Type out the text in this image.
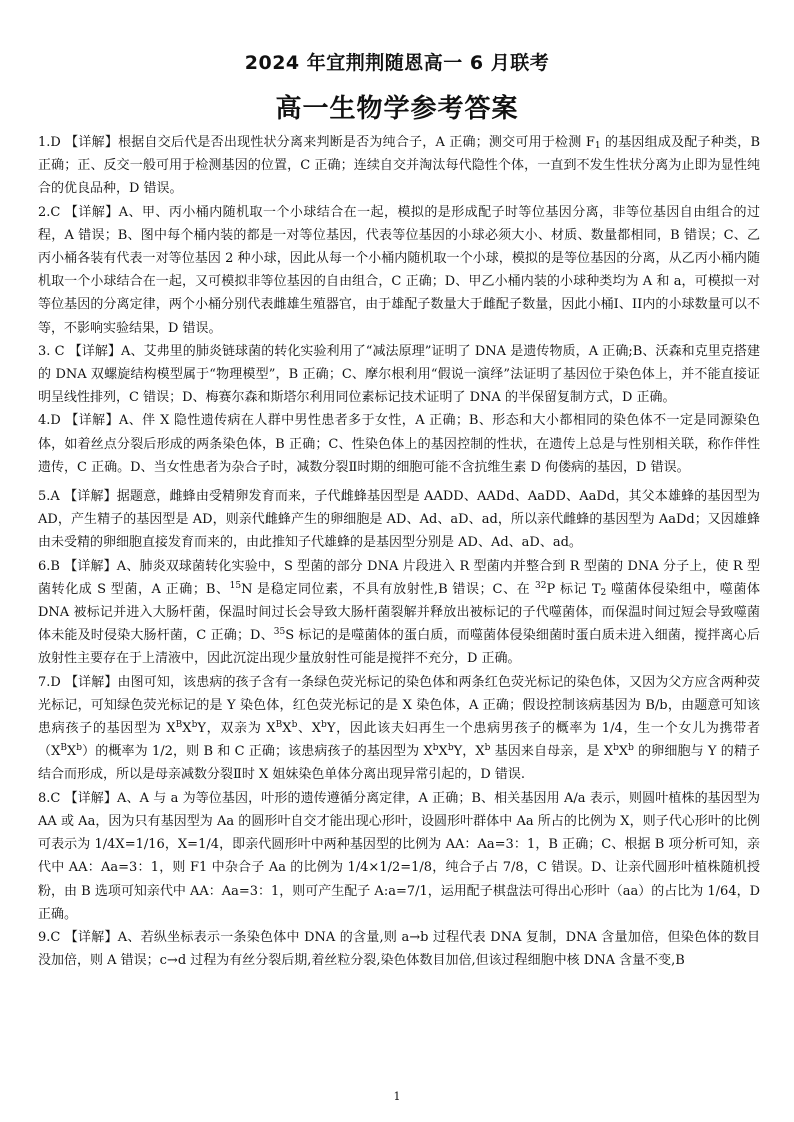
2024 年宜荆荆随恩高一 6 月联考
高一生物学参考答案

1.D 【详解】根据自交后代是否出现性状分离来判断是否为纯合子，A 正确；测交可用于检测 $F_1$ 的基因组成及配子种类，B 正确；正、反交一般可用于检测基因的位置，C 正确；连续自交并淘汰每代隐性个体，一直到不发生性状分离为止即为显性纯合的优良品种，D 错误。

2.C 【详解】A、甲、丙小桶内随机取一个小球结合在一起，模拟的是形成配子时等位基因分离，非等位基因自由组合的过程，A 错误；B、图中每个桶内装的都是一对等位基因，代表等位基因的小球必须大小、材质、数量都相同，B 错误；C、乙丙小桶各装有代表一对等位基因 2 种小球，因此从每一个小桶内随机取一个小球，模拟的是等位基因的分离，从乙丙小桶内随机取一个小球结合在一起，又可模拟非等位基因的自由组合，C 正确；D、甲乙小桶内装的小球种类均为 A 和 a，可模拟一对等位基因的分离定律，两个小桶分别代表雌雄生殖器官，由于雄配子数量大于雌配子数量，因此小桶I、II内的小球数量可以不等，不影响实验结果，D 错误。

3. C 【详解】A、艾弗里的肺炎链球菌的转化实验利用了“减法原理”证明了 DNA 是遗传物质，A 正确;B、沃森和克里克搭建的 DNA 双螺旋结构模型属于“物理模型”，B 正确；C、摩尔根利用“假说一演绎”法证明了基因位于染色体上，并不能直接证明呈线性排列，C 错误；D、梅赛尔森和斯塔尔利用同位素标记技术证明了 DNA 的半保留复制方式，D 正确。

4.D 【详解】A、伴 X 隐性遗传病在人群中男性患者多于女性，A 正确；B、形态和大小都相同的染色体不一定是同源染色体，如着丝点分裂后形成的两条染色体，B 正确；C、性染色体上的基因控制的性状，在遗传上总是与性别相关联，称作伴性遗传，C 正确。D、当女性患者为杂合子时，减数分裂Ⅱ时期的细胞可能不含抗维生素 D 佝偻病的基因，D 错误。

5.A 【详解】据题意，雌蜂由受精卵发育而来，子代雌蜂基因型是 AADD、AADd、AaDD、AaDd，其父本雄蜂的基因型为 AD，产生精子的基因型是 AD，则亲代雌蜂产生的卵细胞是 AD、Ad、aD、ad，所以亲代雌蜂的基因型为 AaDd；又因雄蜂由未受精的卵细胞直接发育而来的，由此推知子代雄蜂的是基因型分别是 AD、Ad、aD、ad。

6.B 【详解】A、肺炎双球菌转化实验中，S 型菌的部分 DNA 片段进入 R 型菌内并整合到 R 型菌的 DNA 分子上，使 R 型菌转化成 S 型菌，A 正确；B、$^{15}$N 是稳定同位素，不具有放射性,B 错误；C、在 $^{32}$P 标记 $T_2$ 噬菌体侵染组中，噬菌体 DNA 被标记并进入大肠杆菌，保温时间过长会导致大肠杆菌裂解并释放出被标记的子代噬菌体，而保温时间过短会导致噬菌体未能及时侵染大肠杆菌，C 正确；D、$^{35}$S 标记的是噬菌体的蛋白质，而噬菌体侵染细菌时蛋白质未进入细菌，搅拌离心后放射性主要存在于上清液中，因此沉淀出现少量放射性可能是搅拌不充分，D 正确。

7.D 【详解】由图可知，该患病的孩子含有一条绿色荧光标记的染色体和两条红色荧光标记的染色体，又因为父方应含两种荧光标记，可知绿色荧光标记的是 Y 染色体，红色荧光标记的是 X 染色体，A 正确；假设控制该病基因为 B/b，由题意可知该患病孩子的基因型为 $X^BX^bY$，双亲为 $X^BX^b$、$X^bY$，因此该夫妇再生一个患病男孩子的概率为 1/4，生一个女儿为携带者$(X^BX^b)$的概率为 1/2，则 B 和 C 正确；该患病孩子的基因型为 $X^bX^bY$，$X^b$ 基因来自母亲，是 $X^bX^b$ 的卵细胞与 Y 的精子结合而形成，所以是母亲减数分裂Ⅱ时 X 姐妹染色单体分离出现异常引起的，D 错误.

8.C 【详解】A、A 与 a 为等位基因，叶形的遗传遵循分离定律，A 正确；B、相关基因用 A/a 表示，则圆叶植株的基因型为 AA 或 Aa，因为只有基因型为 Aa 的圆形叶自交才能出现心形叶，设圆形叶群体中 Aa 所占的比例为 X，则子代心形叶的比例可表示为 1/4X=1/16，X=1/4，即亲代圆形叶中两种基因型的比例为 AA：Aa=3：1，B 正确；C、根据 B 项分析可知，亲代中 AA：Aa=3：1，则 F1 中杂合子 Aa 的比例为 1/4×1/2=1/8，纯合子占 7/8，C 错误。D、让亲代圆形叶植株随机授粉，由 B 选项可知亲代中 AA：Aa=3：1，则可产生配子 A:a=7/1，运用配子棋盘法可得出心形叶（aa）的占比为 1/64，D 正确。

9.C 【详解】A、若纵坐标表示一条染色体中 DNA 的含量,则 a→b 过程代表 DNA 复制，DNA 含量加倍，但染色体的数目没加倍，则 A 错误；c→d 过程为有丝分裂后期,着丝粒分裂,染色体数目加倍,但该过程细胞中核 DNA 含量不变,B

1
